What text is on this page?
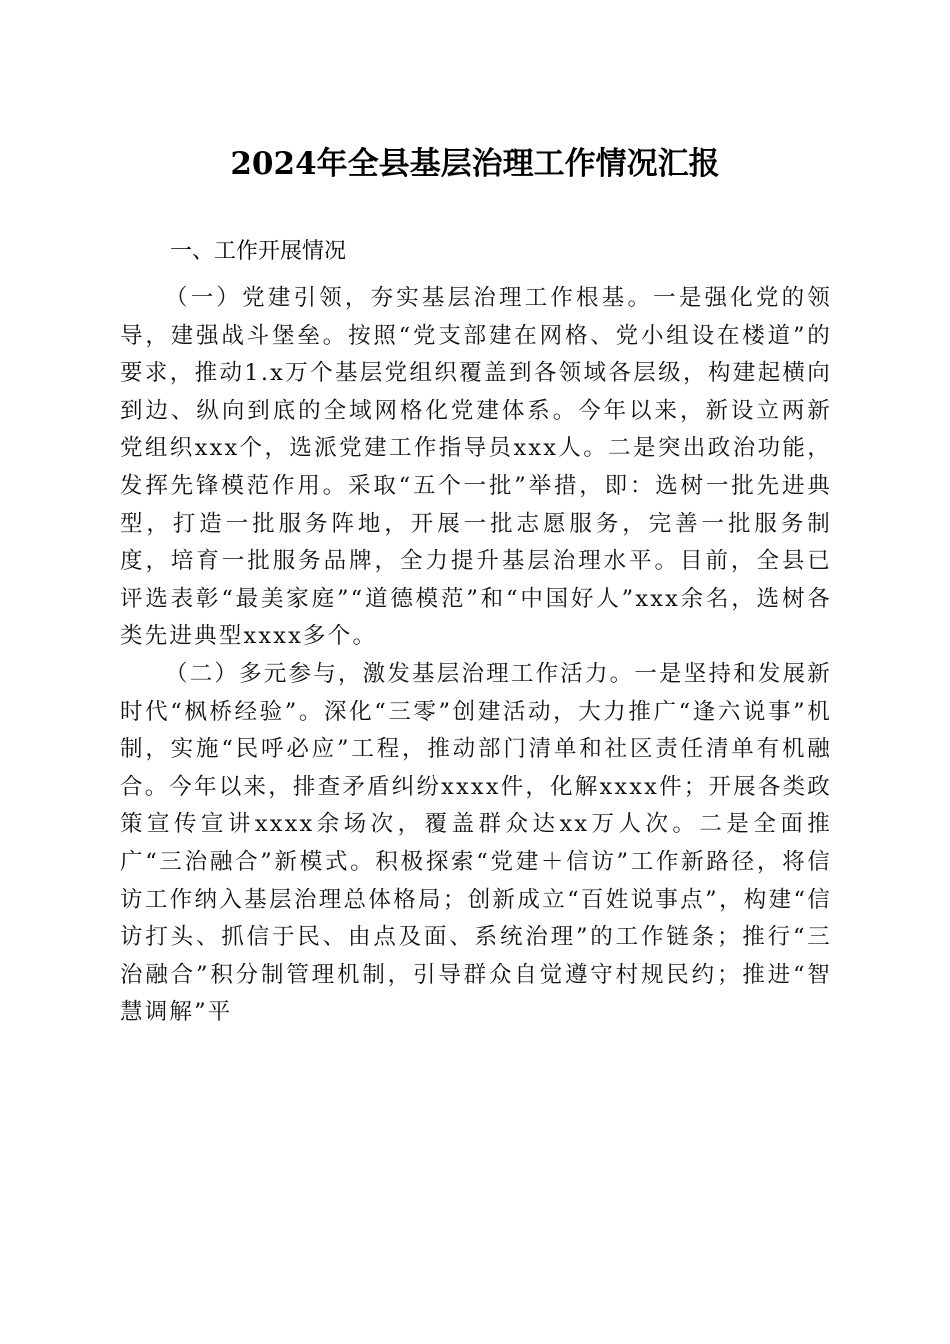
2024年全县基层治理工作情况汇报
一、工作开展情况

（一）党建引领，夯实基层治理工作根基。一是强化党的领导，建强战斗堡垒。按照“党支部建在网格、党小组设在楼道”的要求，推动1.x万个基层党组织覆盖到各领域各层级，构建起横向到边、纵向到底的全域网格化党建体系。今年以来，新设立两新党组织xxx个，选派党建工作指导员xxx人。二是突出政治功能，发挥先锋模范作用。采取“五个一批”举措，即：选树一批先进典型，打造一批服务阵地，开展一批志愿服务，完善一批服务制度，培育一批服务品牌，全力提升基层治理水平。目前，全县已评选表彰“最美家庭”“道德模范”和“中国好人”xxx余名，选树各类先进典型xxxx多个。

（二）多元参与，激发基层治理工作活力。一是坚持和发展新时代“枫桥经验”。深化“三零”创建活动，大力推广“逢六说事”机制，实施“民呼必应”工程，推动部门清单和社区责任清单有机融合。今年以来，排查矛盾纠纷xxxx件，化解xxxx件；开展各类政策宣传宣讲xxxx余场次，覆盖群众达xx万人次。二是全面推广“三治融合”新模式。积极探索“党建＋信访”工作新路径，将信访工作纳入基层治理总体格局；创新成立“百姓说事点”，构建“信访打头、抓信于民、由点及面、系统治理”的工作链条；推行“三治融合”积分制管理机制，引导群众自觉遵守村规民约；推进“智慧调解”平
